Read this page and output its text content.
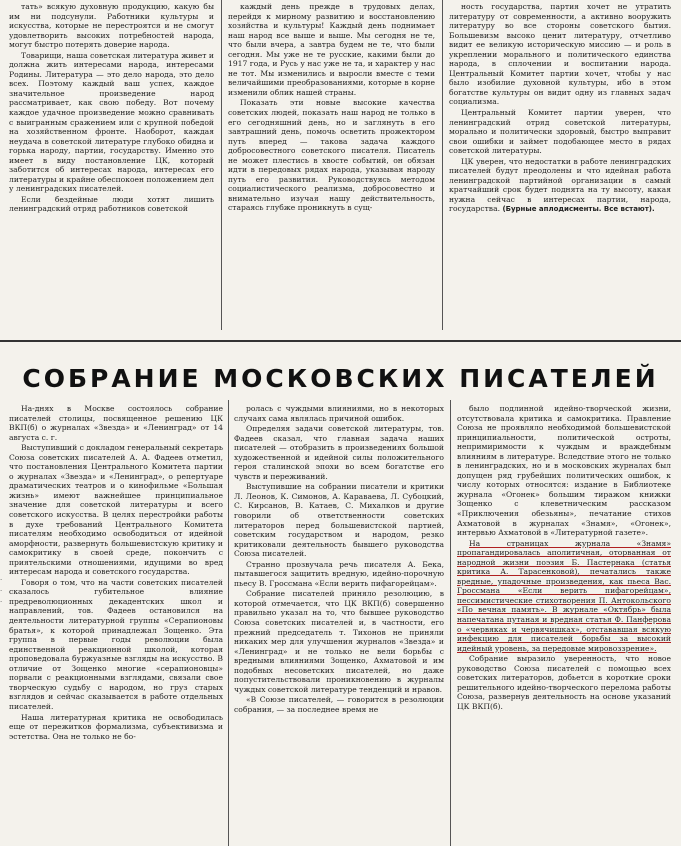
тать» всякую духовную продукцию, какую бы им ни подсунули. Работники культуры и искусства, которые не перестроятся и не смогут удовлетворить высоких потребностей народа, могут быстро потерять доверие народа.

Товарищи, наша советская литература живет и должна жить интересами народа, интересами Родины. Литература — это дело народа, это дело всех. Поэтому каждый ваш успех, каждое значительное произведение народ рассматривает, как свою победу. Вот почему каждое удачное произведение можно сравнивать с выигранным сражением или с крупной победой на хозяйственном фронте. Наоборот, каждая неудача в советской литературе глубоко обидна и горька народу, партии, государству. Именно это имеет в виду постановление ЦК, который заботится об интересах народа, интересах его литературы и крайне обеспокоен положением дел у ленинградских писателей.

Если бездейные люди хотят лишить ленинградский отряд работников советской

каждый день прежде в трудовых делах, перейдя к мирному развитию и восстановлению хозяйства и культуры! Каждый день поднимает наш народ все выше и выше. Мы сегодня не те, что были вчера, а завтра будем не те, что были сегодня. Мы уже не те русские, какими были до 1917 года, и Русь у нас уже не та, и характер у нас не тот. Мы изменились и выросли вместе с теми величайшими преобразованиями, которые в корне изменили облик нашей страны.

Показать эти новые высокие качества советских людей, показать наш народ не только в его сегодняшний день, но и заглянуть в его завтрашний день, помочь осветить прожектором путь вперед — такова задача каждого добросовестного советского писателя. Писатель не может плестись в хвосте событий, он обязан идти в передовых рядах народа, указывая народу путь его развития. Руководствуясь методом социалистического реализма, добросовестно и внимательно изучая нашу действительность, стараясь глубже проникнуть в сущ-

ность государства, партия хочет не утратить литературу от современности, а активно вооружить литературу во все стороны советского бытия. Большевизм высоко ценит литературу, отчетливо видит ее великую историческую миссию — и роль в укреплении морального и политического единства народа, в сплочении и воспитании народа. Центральный Комитет партии хочет, чтобы у нас было изобилие духовной культуры, ибо в этом богатстве культуры он видит одну из главных задач социализма.

Центральный Комитет партии уверен, что ленинградский отряд советской литературы, морально и политически здоровый, быстро выправит свои ошибки и займет подобающее место в рядах советской литературы.

ЦК уверен, что недостатки в работе ленинградских писателей будут преодолены и что идейная работа ленинградской партийной организации в самый кратчайший срок будет поднята на ту высоту, какая нужна сейчас в интересах партии, народа, государства. (Бурные аплодисменты. Все встают).

СОБРАНИЕ МОСКОВСКИХ ПИСАТЕЛЕЙ

На-днях в Москве состоялось собрание писателей столицы, посвященное решению ЦК ВКП(б) о журналах «Звезда» и «Ленинград» от 14 августа с. г.

Выступивший с докладом генеральный секретарь Союза советских писателей А. А. Фадеев отметил, что постановления Центрального Комитета партии о журналах «Звезда» и «Ленинград», о репертуаре драматических театров и о кинофильме «Большая жизнь» имеют важнейшее принципиальное значение для советской литературы и всего советского искусства. В целях перестройки работы в духе требований Центрального Комитета писателям необходимо освободиться от идейной аморфности, развернуть большевистскую критику и самокритику в своей среде, покончить с приятельскими отношениями, идущими во вред интересам народа и советского государства.

Говоря о том, что на части советских писателей сказалось губительное влияние предреволюционных декадентских школ и направлений, тов. Фадеев остановился на деятельности литературной группы «Серапионовы братья», к которой принадлежал Зощенко. Эта группа в первые годы революции была единственной реакционной школой, которая проповедовала буржуазные взгляды на искусство. В отличие от Зощенко многие «серапионовцы» порвали с реакционными взглядами, связали свое творческую судьбу с народом, но груз старых взглядов и сейчас сказывается в работе отдельных писателей.

Наша литературная критика не освободилась еще от пережитков формализма, субъективизма и эстетства. Она не только не бо-

ролась с чуждыми влияниями, но в некоторых случаях сама являлась причиной ошибок.

Определяя задачи советской литературы, тов. Фадеев сказал, что главная задача наших писателей — отобразить в произведениях большой художественной и идейной силы положительного героя сталинской эпохи во всем богатстве его чувств и переживаний.

Выступившие на собрании писатели и критики Л. Леонов, К. Симонов, А. Караваева, Л. Субоцкий, С. Кирсанов, В. Катаев, С. Михалков и другие говорили об ответственности советских литераторов перед большевистской партией, советским государством и народом, резко критиковали деятельность бывшего руководства Союза писателей.

Странно прозвучала речь писателя А. Бека, пытавшегося защитить вредную, идейно-порочную пьесу В. Гроссмана «Если верить пифагорейцам».

Собрание писателей приняло резолюцию, в которой отмечается, что ЦК ВКП(б) совершенно правильно указал на то, что бывшее руководство Союза советских писателей и, в частности, его прежний председатель т. Тихонов не приняли никаких мер для улучшения журналов «Звезда» и «Ленинград» и не только не вели борьбы с вредными влияниями Зощенко, Ахматовой и им подобных несоветских писателей, но даже попустительствовали проникновению в журналы чуждых советской литературе тенденций и нравов.

«В Союзе писателей, — говорится в резолюции собрания, — за последнее время не

было подлинной идейно-творческой жизни, отсутствовала критика и самокритика. Правление Союза не проявляло необходимой большевистской принципиальности, политической остроты, непримиримости к чуждым и враждебным влияниям в литературе. Вследствие этого не только в ленинградских, но и в московских журналах был допущен ряд грубейших политических ошибок, к числу которых относятся: издание в Библиотеке журнала «Огонек» большим тиражом книжки Зощенко с клеветническим рассказом «Приключения обезьяны», печатание стихов Ахматовой в журналах «Знамя», «Огонек», интервью Ахматовой в «Литературной газете».

На страницах журнала «Знамя» пропагандировалась аполитичная, оторванная от народной жизни поэзия Б. Пастернака (статья критика А. Тарасенковой), печатались также вредные, упадочные произведения, как пьеса Вас. Гроссмана «Если верить пифагорейцам», пессимистические стихотворения П. Антокольского «По вечная память». В журнале «Октябрь» была напечатана путаная и вредная статья Ф. Панферова о «червяках и червячишках», отстававшая всякую инфекцию для писателей борьбы за высокий идейный уровень, за передовые мировоззрение».

Собрание выразило уверенность, что новое руководство Союза писателей с помощью всех советских литераторов, добьется в короткие сроки решительного идейно-творческого перелома работы Союза, развернув деятельность на основе указаний ЦК ВКП(б).

·
·
·
